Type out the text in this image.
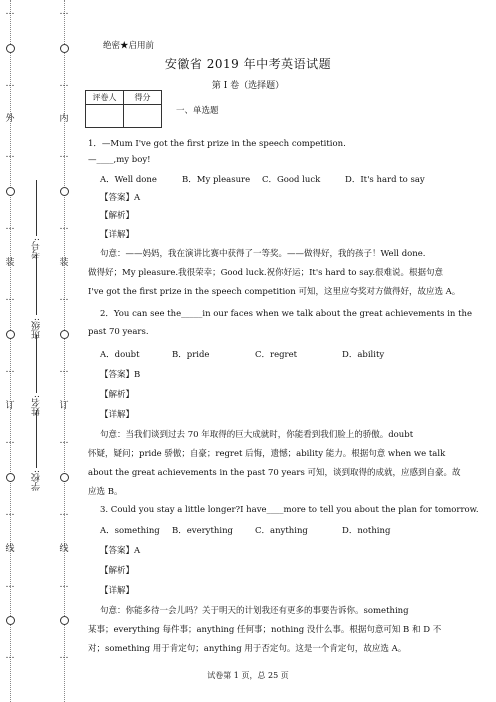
…
…
外
…
…
装
…
…
订
…
…
线
…
…
…
…
内
…
…
装
…
…
订
…
…
线
…
…
学校:
姓名:
班级:
考号:
绝密★启用前
安徽省 2019 年中考英语试题
第 I 卷（选择题）
评卷人	得分

一、单选题
1．—Mum I've got the first prize in the speech competition.
—____,my boy!
A．Well done	B．My pleasure C．Good luck	D．It's hard to say
【答案】A
【解析】
【详解】
句意：——妈妈，我在演讲比赛中获得了一等奖。——做得好，我的孩子！Well done.
做得好；My pleasure.我很荣幸；Good luck.祝你好运；It's hard to say.很难说。根据句意
I've got the first prize in the speech competition 可知，这里应夸奖对方做得好，故应选 A。
2．You can see the_____in our faces when we talk about the great achievements in the
past 70 years.
A．doubt	B．pride	C．regret	D．ability
【答案】B
【解析】
【详解】
句意：当我们谈到过去 70 年取得的巨大成就时，你能看到我们脸上的骄傲。doubt
怀疑，疑问；pride 骄傲；自豪；regret 后悔，遗憾；ability 能力。根据句意 when we talk
about the great achievements in the past 70 years 可知，谈到取得的成就，应感到自豪。故
应选 B。
3. Could you stay a little longer?I have____more to tell you about the plan for tomorrow.
A．something B．everything	C．anything	D．nothing
【答案】A
【解析】
【详解】
句意：你能多待一会儿吗？关于明天的计划我还有更多的事要告诉你。something
某事；everything 每件事；anything 任何事；nothing 没什么事。根据句意可知 B 和 D 不
对；something 用于肯定句；anything 用于否定句。这是一个肯定句，故应选 A。
试卷第 1 页，总 25 页
